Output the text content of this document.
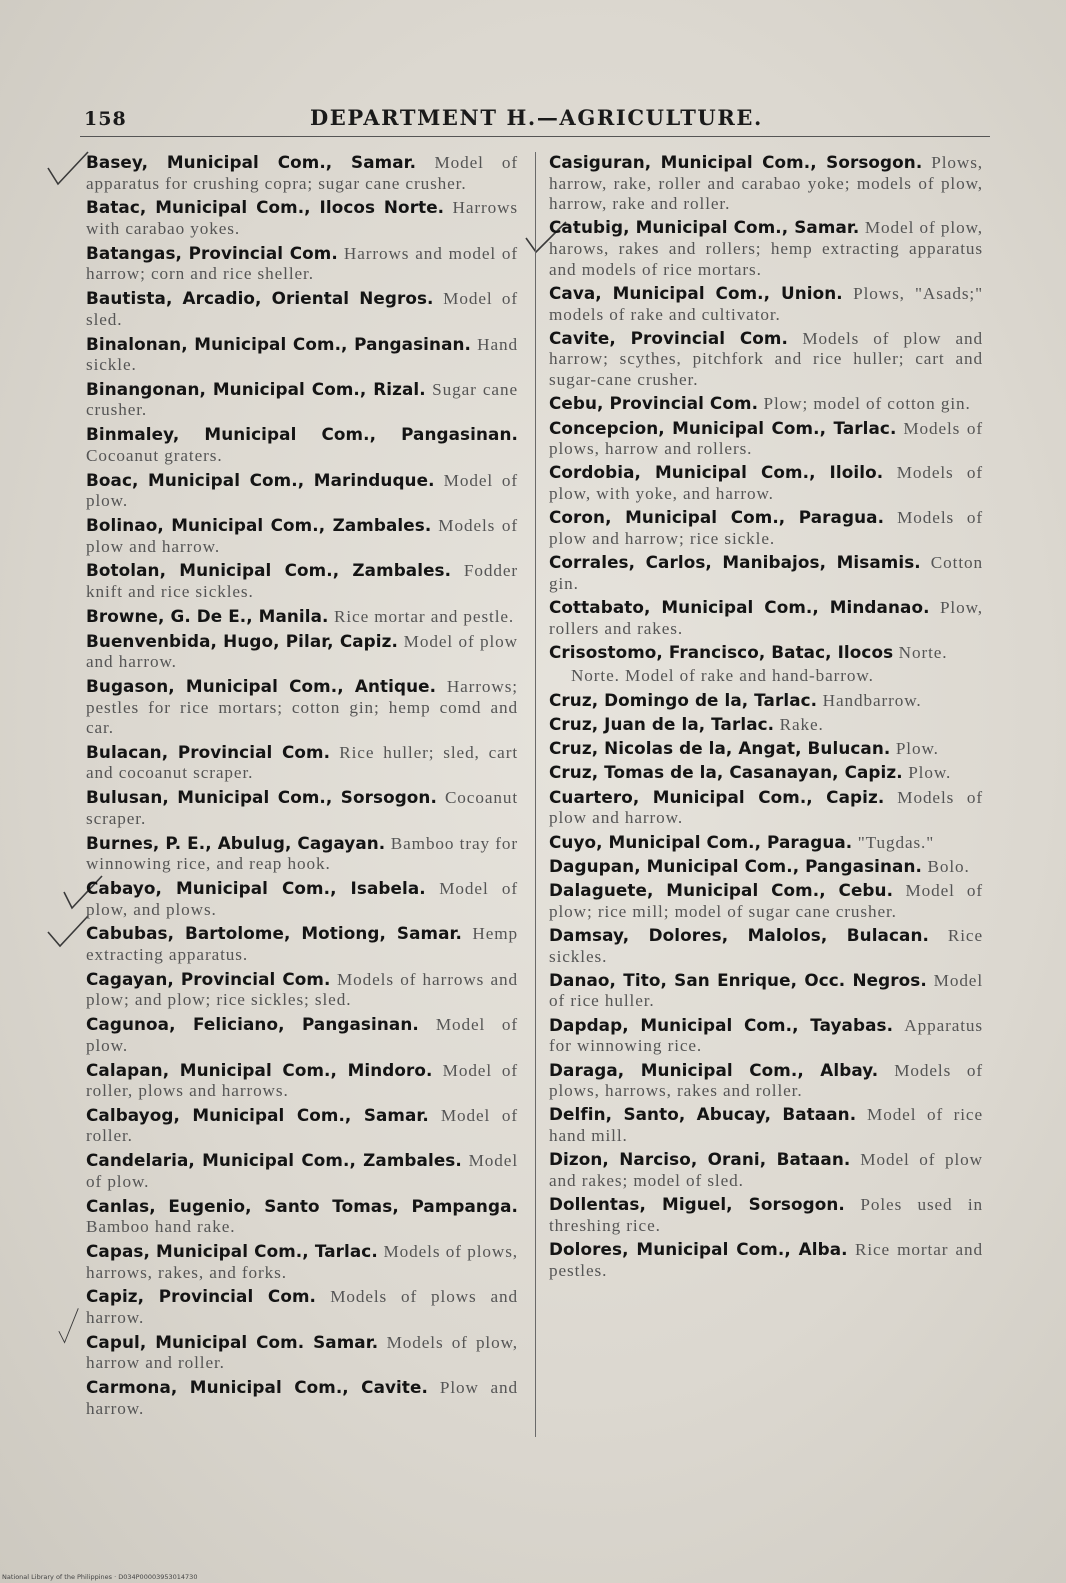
158	DEPARTMENT H.—AGRICULTURE.

Basey, Municipal Com., Samar. Model of apparatus for crushing copra; sugar cane crusher.

Batac, Municipal Com., Ilocos Norte. Harrows with carabao yokes.

Batangas, Provincial Com. Harrows and model of harrow; corn and rice sheller.

Bautista, Arcadio, Oriental Negros. Model of sled.

Binalonan, Municipal Com., Pangasinan. Hand sickle.

Binangonan, Municipal Com., Rizal. Sugar cane crusher.

Binmaley, Municipal Com., Pangasinan. Cocoanut graters.

Boac, Municipal Com., Marinduque. Model of plow.

Bolinao, Municipal Com., Zambales. Models of plow and harrow.

Botolan, Municipal Com., Zambales. Fodder knift and rice sickles.

Browne, G. De E., Manila. Rice mortar and pestle.

Buenvenbida, Hugo, Pilar, Capiz. Model of plow and harrow.

Bugason, Municipal Com., Antique. Harrows; pestles for rice mortars; cotton gin; hemp comd and car.

Bulacan, Provincial Com. Rice huller; sled, cart and cocoanut scraper.

Bulusan, Municipal Com., Sorsogon. Cocoanut scraper.

Burnes, P. E., Abulug, Cagayan. Bamboo tray for winnowing rice, and reap hook.

Cabayo, Municipal Com., Isabela. Model of plow, and plows.

Cabubas, Bartolome, Motiong, Samar. Hemp extracting apparatus.

Cagayan, Provincial Com. Models of harrows and plow; and plow; rice sickles; sled.

Cagunoa, Feliciano, Pangasinan. Model of plow.

Calapan, Municipal Com., Mindoro. Model of roller, plows and harrows.

Calbayog, Municipal Com., Samar. Model of roller.

Candelaria, Municipal Com., Zambales. Model of plow.

Canlas, Eugenio, Santo Tomas, Pampanga. Bamboo hand rake.

Capas, Municipal Com., Tarlac. Models of plows, harrows, rakes, and forks.

Capiz, Provincial Com. Models of plows and harrow.

Capul, Municipal Com. Samar. Models of plow, harrow and roller.

Carmona, Municipal Com., Cavite. Plow and harrow.

Casiguran, Municipal Com., Sorsogon. Plows, harrow, rake, roller and carabao yoke; models of plow, harrow, rake and roller.

Catubig, Municipal Com., Samar. Model of plow, harows, rakes and rollers; hemp extracting apparatus and models of rice mortars.

Cava, Municipal Com., Union. Plows, "Asads;" models of rake and cultivator.

Cavite, Provincial Com. Models of plow and harrow; scythes, pitchfork and rice huller; cart and sugar-cane crusher.

Cebu, Provincial Com. Plow; model of cotton gin.

Concepcion, Municipal Com., Tarlac. Models of plows, harrow and rollers.

Cordobia, Municipal Com., Iloilo. Models of plow, with yoke, and harrow.

Coron, Municipal Com., Paragua. Models of plow and harrow; rice sickle.

Corrales, Carlos, Manibajos, Misamis. Cotton gin.

Cottabato, Municipal Com., Mindanao. Plow, rollers and rakes.

Crisostomo, Francisco, Batac, Ilocos Norte.

Norte. Model of rake and hand-barrow.

Cruz, Domingo de la, Tarlac. Handbarrow.

Cruz, Juan de la, Tarlac. Rake.

Cruz, Nicolas de la, Angat, Bulucan. Plow.

Cruz, Tomas de la, Casanayan, Capiz. Plow.

Cuartero, Municipal Com., Capiz. Models of plow and harrow.

Cuyo, Municipal Com., Paragua. "Tugdas."

Dagupan, Municipal Com., Pangasinan. Bolo.

Dalaguete, Municipal Com., Cebu. Model of plow; rice mill; model of sugar cane crusher.

Damsay, Dolores, Malolos, Bulacan. Rice sickles.

Danao, Tito, San Enrique, Occ. Negros. Model of rice huller.

Dapdap, Municipal Com., Tayabas. Apparatus for winnowing rice.

Daraga, Municipal Com., Albay. Models of plows, harrows, rakes and roller.

Delfin, Santo, Abucay, Bataan. Model of rice hand mill.

Dizon, Narciso, Orani, Bataan. Model of plow and rakes; model of sled.

Dollentas, Miguel, Sorsogon. Poles used in threshing rice.

Dolores, Municipal Com., Alba. Rice mortar and pestles.

National Library of the Philippines · D034P00003953014730
